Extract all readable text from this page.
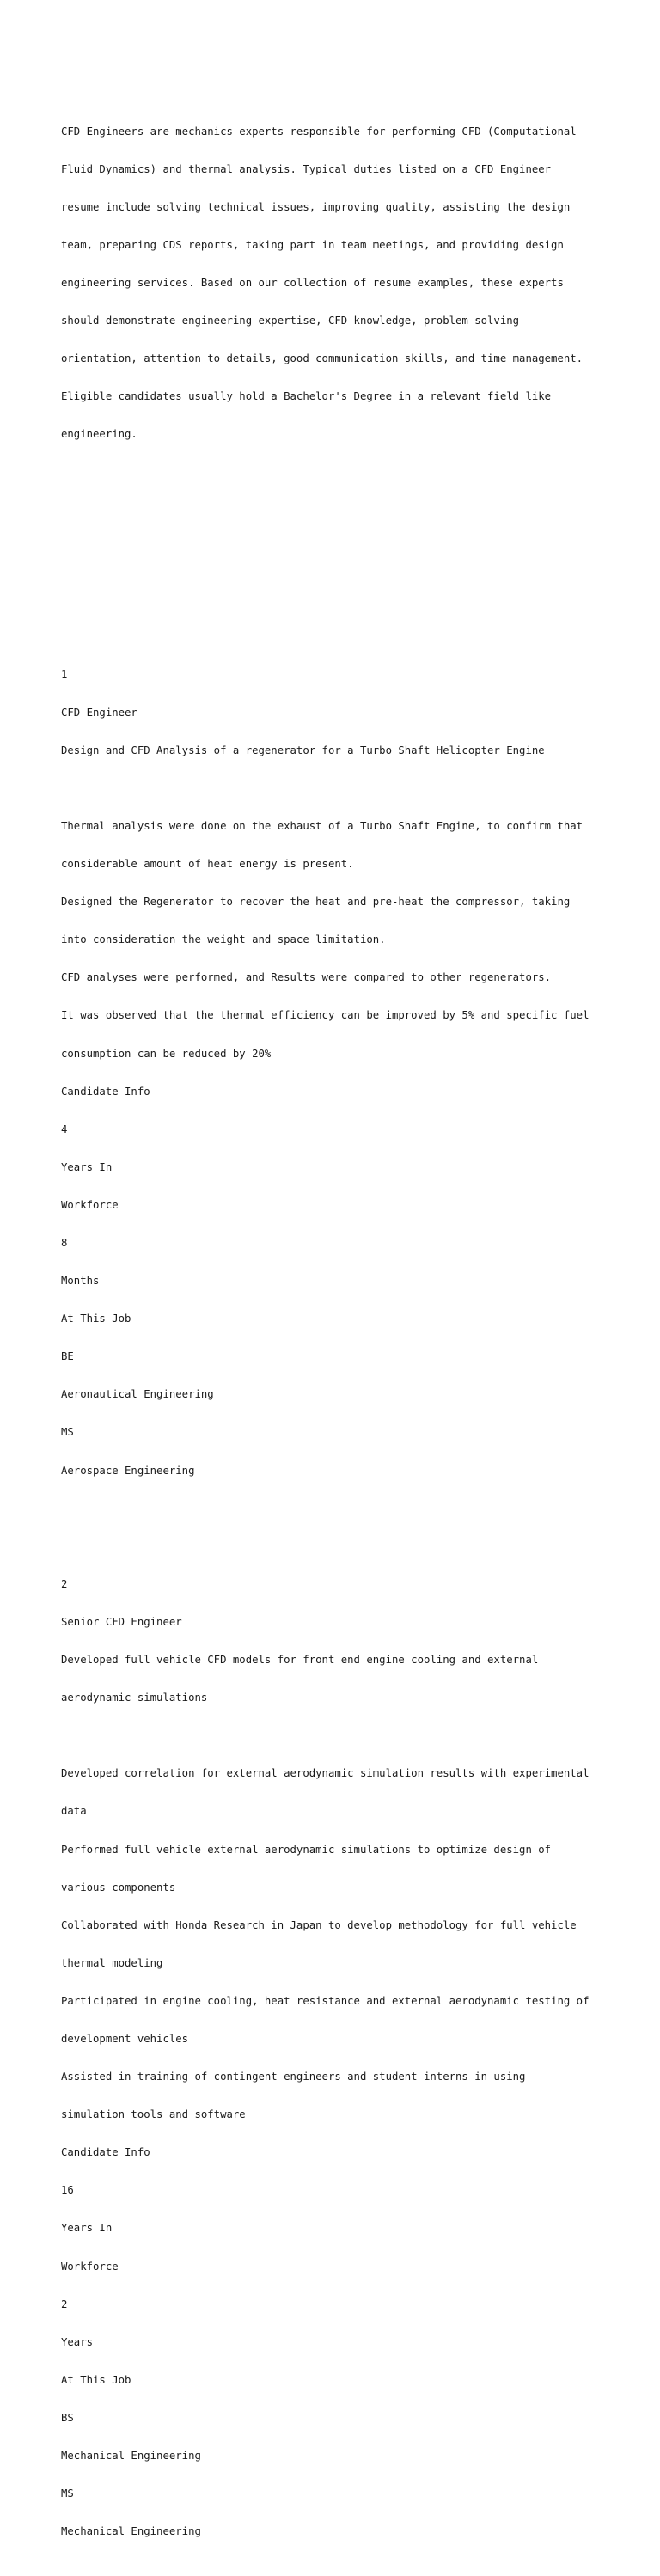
CFD Engineers are mechanics experts responsible for performing CFD (Computational

Fluid Dynamics) and thermal analysis. Typical duties listed on a CFD Engineer

resume include solving technical issues, improving quality, assisting the design

team, preparing CDS reports, taking part in team meetings, and providing design

engineering services. Based on our collection of resume examples, these experts

should demonstrate engineering expertise, CFD knowledge, problem solving

orientation, attention to details, good communication skills, and time management.

Eligible candidates usually hold a Bachelor's Degree in a relevant field like

engineering.

1

CFD Engineer

Design and CFD Analysis of a regenerator for a Turbo Shaft Helicopter Engine

Thermal analysis were done on the exhaust of a Turbo Shaft Engine, to confirm that

considerable amount of heat energy is present.

Designed the Regenerator to recover the heat and pre-heat the compressor, taking

into consideration the weight and space limitation.

CFD analyses were performed, and Results were compared to other regenerators.

It was observed that the thermal efficiency can be improved by 5% and specific fuel

consumption can be reduced by 20%

Candidate Info

4

Years In

Workforce

8

Months

At This Job

BE

Aeronautical Engineering

MS

Aerospace Engineering

2

Senior CFD Engineer

Developed full vehicle CFD models for front end engine cooling and external

aerodynamic simulations

Developed correlation for external aerodynamic simulation results with experimental

data

Performed full vehicle external aerodynamic simulations to optimize design of

various components

Collaborated with Honda Research in Japan to develop methodology for full vehicle

thermal modeling

Participated in engine cooling, heat resistance and external aerodynamic testing of

development vehicles

Assisted in training of contingent engineers and student interns in using

simulation tools and software

Candidate Info

16

Years In

Workforce

2

Years

At This Job

BS

Mechanical Engineering

MS

Mechanical Engineering
